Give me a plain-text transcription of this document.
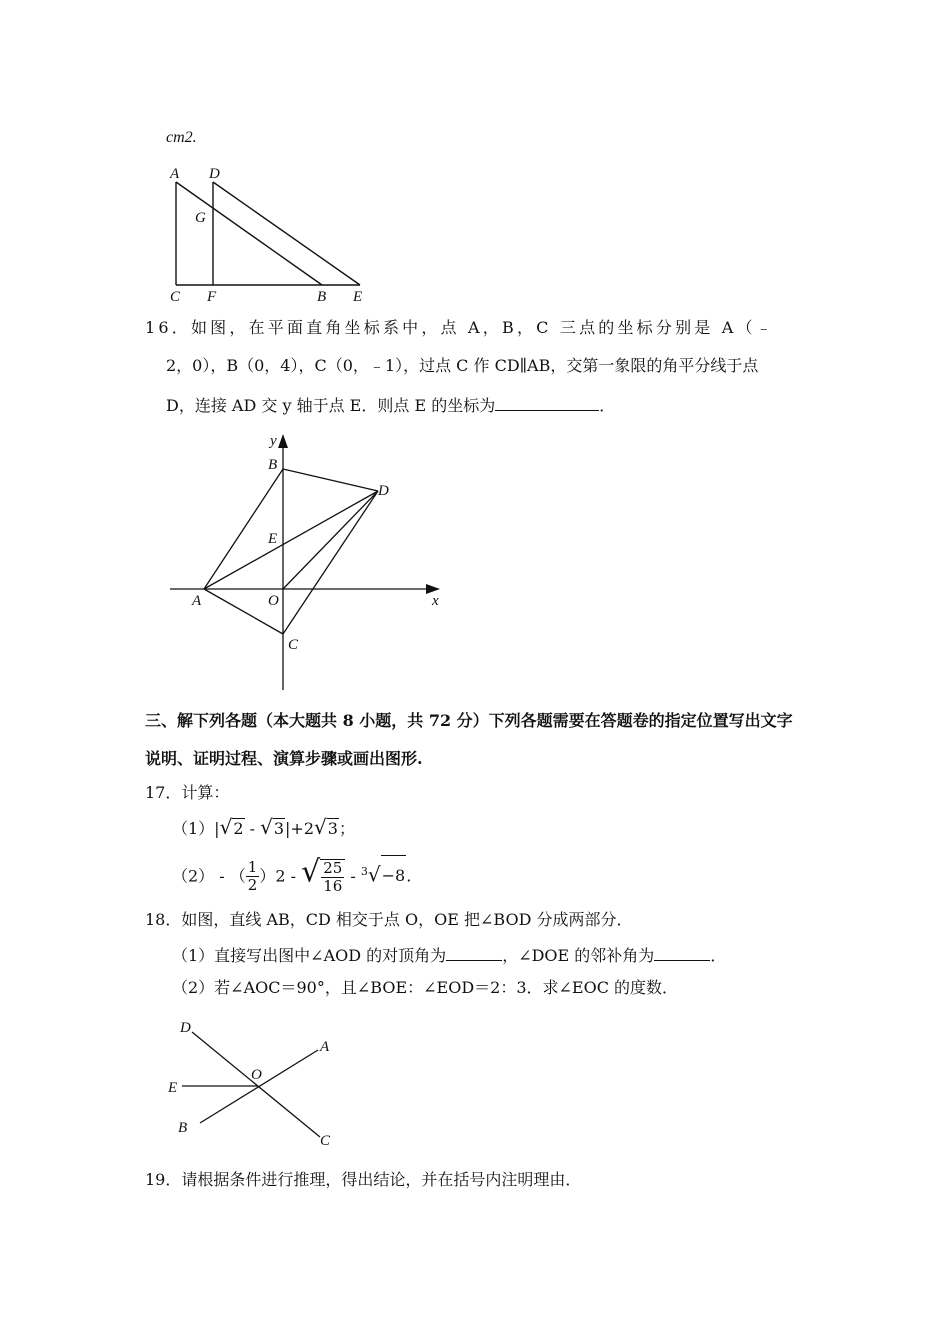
cm2.
A D
G
C F	B E
16．如图，在平面直角坐标系中，点 A，B，C 三点的坐标分别是 A（﹣
2，0），B（0，4），C（0，﹣1），过点 C 作 CD∥AB，交第一象限的角平分线于点
D，连接 AD 交 y 轴于点 E．则点 E 的坐标为	．
y
x
B
D
E
A	O
C
三、解下列各题（本大题共 8 小题，共 72 分）下列各题需要在答题卷的指定位置写出文字
说明、证明过程、演算步骤或画出图形.
17．计算：
（1）|√2 - √3|+2√3；
（2） - （ $\frac{1}{2} )2$ - √ $\frac{25}{16} - ^3√-8$.
18．如图，直线 AB，CD 相交于点 O，OE 把∠BOD 分成两部分．
（1）直接写出图中∠AOD 的对顶角为	，∠DOE 的邻补角为	．
（2）若∠AOC＝90°，且∠BOE：∠EOD＝2：3．求∠EOC 的度数．
D
A
E
O
B
C
19．请根据条件进行推理，得出结论，并在括号内注明理由．
